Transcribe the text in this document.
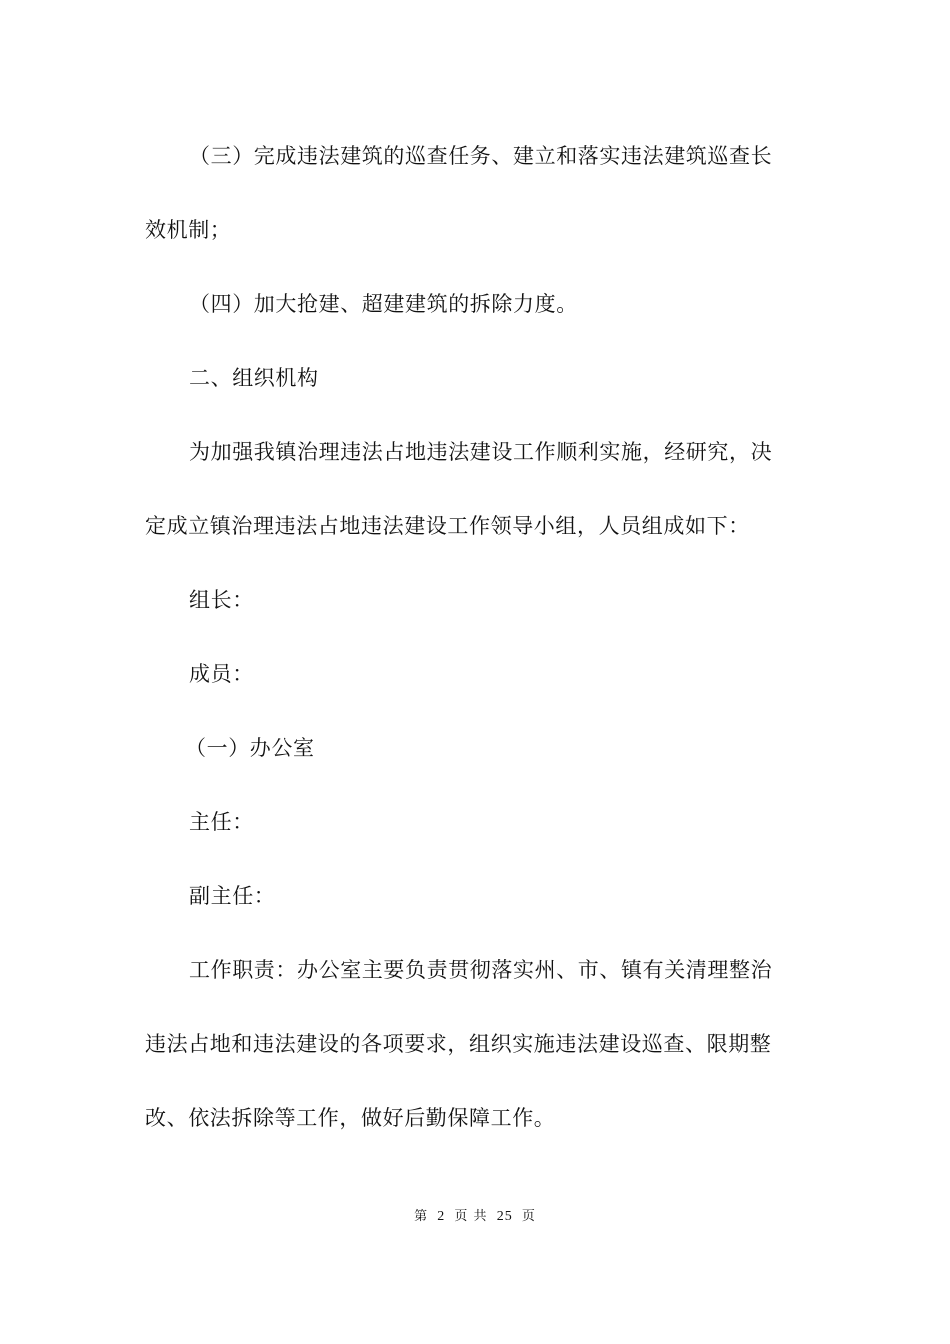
（三）完成违法建筑的巡查任务、建立和落实违法建筑巡查长
效机制；
（四）加大抢建、超建建筑的拆除力度。
二、组织机构
为加强我镇治理违法占地违法建设工作顺利实施，经研究，决
定成立镇治理违法占地违法建设工作领导小组，人员组成如下：
组长：
成员：
（一）办公室
主任：
副主任：
工作职责：办公室主要负责贯彻落实州、市、镇有关清理整治
违法占地和违法建设的各项要求，组织实施违法建设巡查、限期整
改、依法拆除等工作，做好后勤保障工作。
第 2 页 共 25 页
